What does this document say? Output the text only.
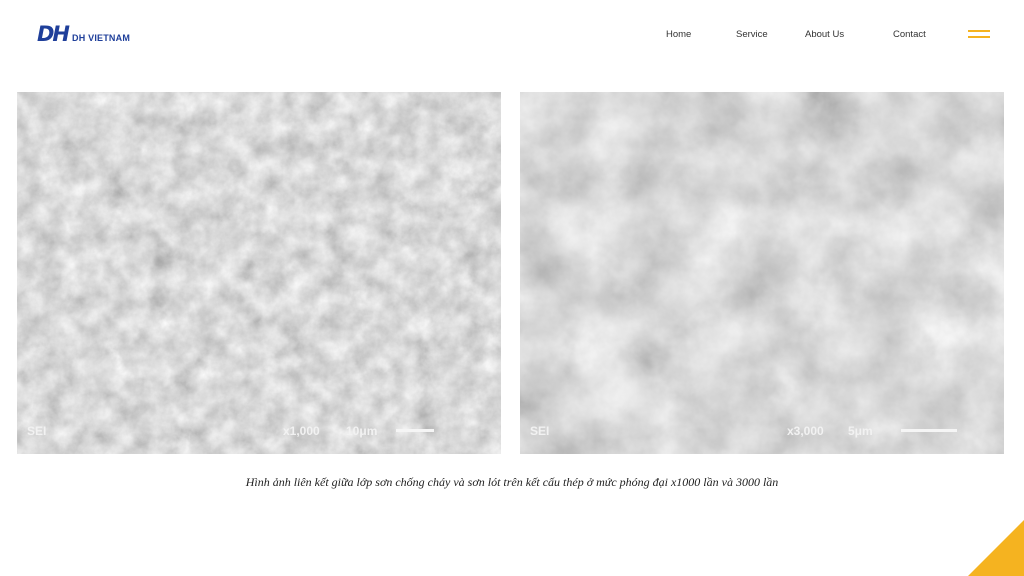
DH DH VIETNAM	Home	Service	About Us	Contact
SEI	x1,000 10μm	SEI	x3,000 5μm
Hình ảnh liên kết giữa lớp sơn chống cháy và sơn lót trên kết cấu thép ở mức phóng đại x1000 lần và 3000 lần
